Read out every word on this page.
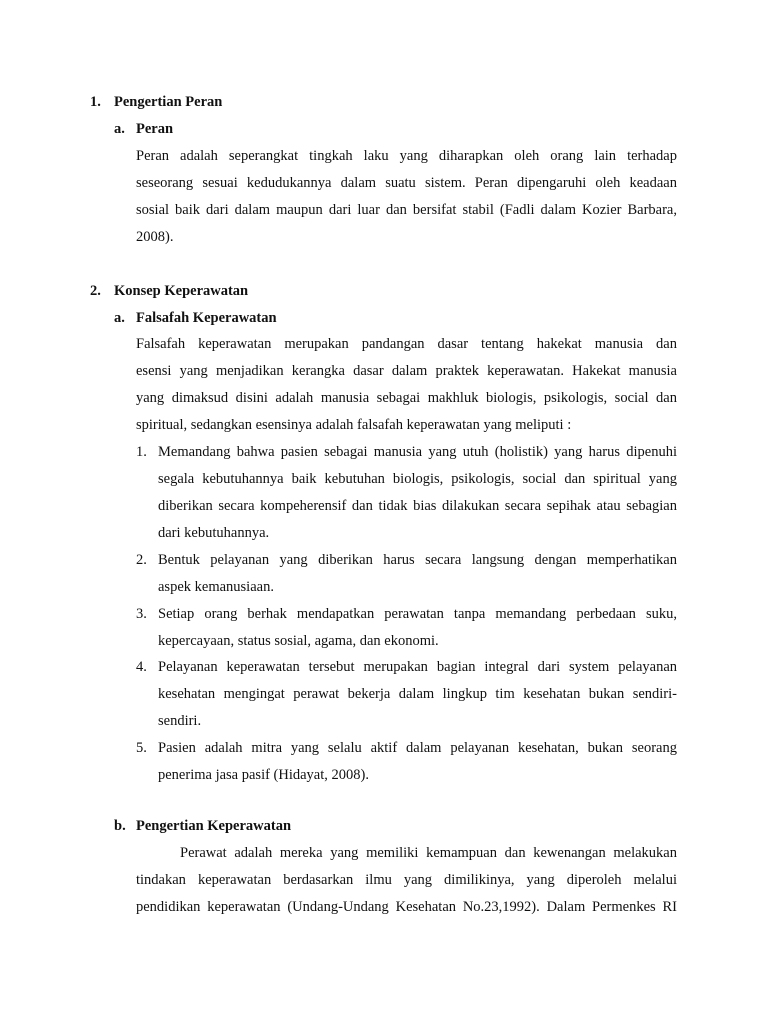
1. Pengertian Peran
a. Peran
Peran adalah seperangkat tingkah laku yang diharapkan oleh orang lain terhadap
seseorang sesuai kedudukannya dalam suatu sistem. Peran dipengaruhi oleh keadaan
sosial baik dari dalam maupun dari luar dan bersifat stabil (Fadli dalam Kozier Barbara,
2008).
2. Konsep Keperawatan
a. Falsafah Keperawatan
Falsafah keperawatan merupakan pandangan dasar tentang hakekat manusia dan
esensi yang menjadikan kerangka dasar dalam praktek keperawatan. Hakekat manusia
yang dimaksud disini adalah manusia sebagai makhluk biologis, psikologis, social dan
spiritual, sedangkan esensinya adalah falsafah keperawatan yang meliputi :
1. Memandang bahwa pasien sebagai manusia yang utuh (holistik) yang harus dipenuhi
segala kebutuhannya baik kebutuhan biologis, psikologis, social dan spiritual yang
diberikan secara kompeherensif dan tidak bias dilakukan secara sepihak atau sebagian
dari kebutuhannya.
2. Bentuk pelayanan yang diberikan harus secara langsung dengan memperhatikan
aspek kemanusiaan.
3. Setiap orang berhak mendapatkan perawatan tanpa memandang perbedaan suku,
kepercayaan, status sosial, agama, dan ekonomi.
4. Pelayanan keperawatan tersebut merupakan bagian integral dari system pelayanan
kesehatan mengingat perawat bekerja dalam lingkup tim kesehatan bukan sendiri-
sendiri.
5. Pasien adalah mitra yang selalu aktif dalam pelayanan kesehatan, bukan seorang
penerima jasa pasif (Hidayat, 2008).
b. Pengertian Keperawatan
Perawat adalah mereka yang memiliki kemampuan dan kewenangan melakukan
tindakan keperawatan berdasarkan ilmu yang dimilikinya, yang diperoleh melalui
pendidikan keperawatan (Undang-Undang Kesehatan No.23,1992). Dalam Permenkes RI
